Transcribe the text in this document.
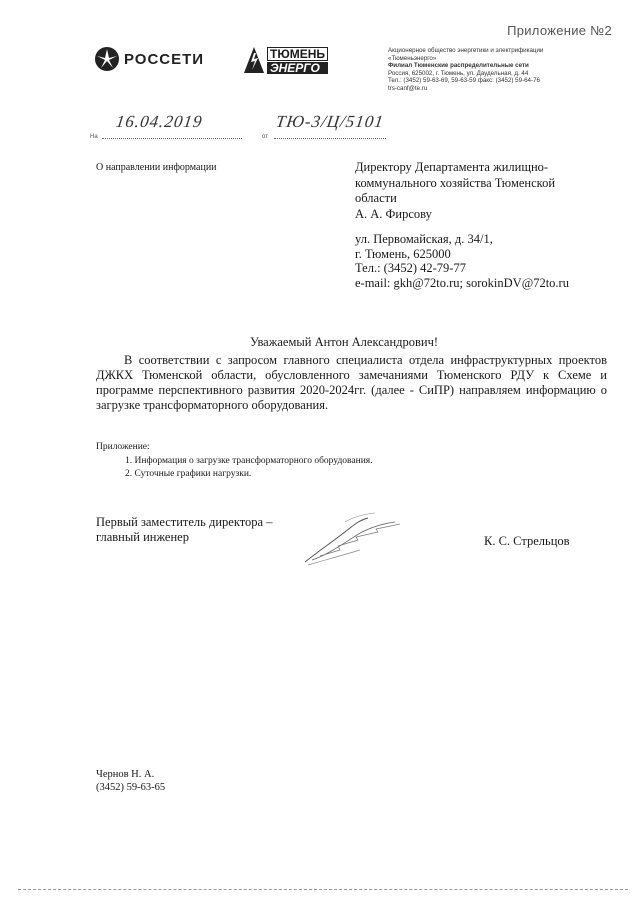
Приложение №2
РОССЕТИ	ТЮМЕНЬ
ЭНЕРГО
Акционерное общество энергетики и электрификации
«Тюменьэнерго»
Филиал Тюменские распределительные сети
Россия, 625002, г. Тюмень, ул. Даудельная, д. 44
Тел.: (3452) 59-63-69, 59-63-59 факс: (3452) 59-64-76
trs-canf@te.ru
16.04.2019	ТЮ-3/Ц/5101
На	от
О направлении информации	Директору Департамента жилищно-
коммунального хозяйства Тюменской
области
А. А. Фирсову
ул. Первомайская, д. 34/1,
г. Тюмень, 625000
Тел.: (3452) 42-79-77
e-mail: gkh@72to.ru; sorokinDV@72to.ru
Уважаемый Антон Александрович!
В соответствии с запросом главного специалиста отдела инфраструктурных проектов ДЖКХ Тюменской области, обусловленного замечаниями Тюменского РДУ к Схеме и программе перспективного развития 2020-2024гг. (далее - СиПР) направляем информацию о загрузке трансформаторного оборудования.
Приложение:
1. Информация о загрузке трансформаторного оборудования.
2. Суточные графики нагрузки.
Первый заместитель директора –
главный инженер	К. С. Стрельцов
Чернов Н. А.
(3452) 59-63-65
